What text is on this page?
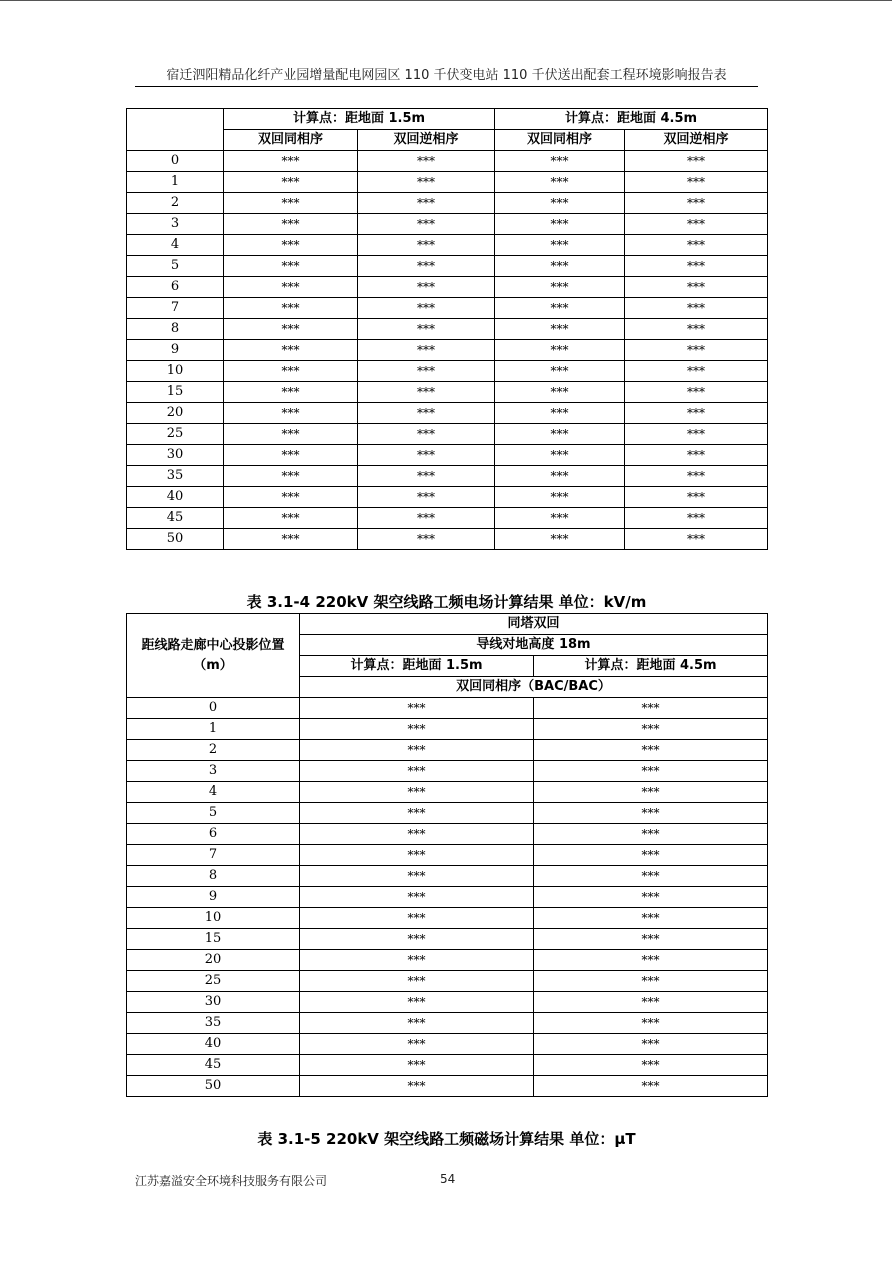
宿迁泗阳精品化纤产业园增量配电网园区 110 千伏变电站 110 千伏送出配套工程环境影响报告表
	计算点：距地面 1.5m		计算点：距地面 4.5m	
	双回同相序	双回逆相序	双回同相序	双回逆相序
0	***	***	***	***
1	***	***	***	***
2	***	***	***	***
3	***	***	***	***
4	***	***	***	***
5	***	***	***	***
6	***	***	***	***
7	***	***	***	***
8	***	***	***	***
9	***	***	***	***
10	***	***	***	***
15	***	***	***	***
20	***	***	***	***
25	***	***	***	***
30	***	***	***	***
35	***	***	***	***
40	***	***	***	***
45	***	***	***	***
50	***	***	***	***
表 3.1-4 220kV 架空线路工频电场计算结果 单位：kV/m
距线路走廊中心投影位置（m）	同塔双回	
	导线对地高度 18m	
	计算点：距地面 1.5m	计算点：距地面 4.5m
	双回同相序（BAC/BAC）	
0	***	***
1	***	***
2	***	***
3	***	***
4	***	***
5	***	***
6	***	***
7	***	***
8	***	***
9	***	***
10	***	***
15	***	***
20	***	***
25	***	***
30	***	***
35	***	***
40	***	***
45	***	***
50	***	***
表 3.1-5 220kV 架空线路工频磁场计算结果 单位：μT
江苏嘉溢安全环境科技服务有限公司	54
